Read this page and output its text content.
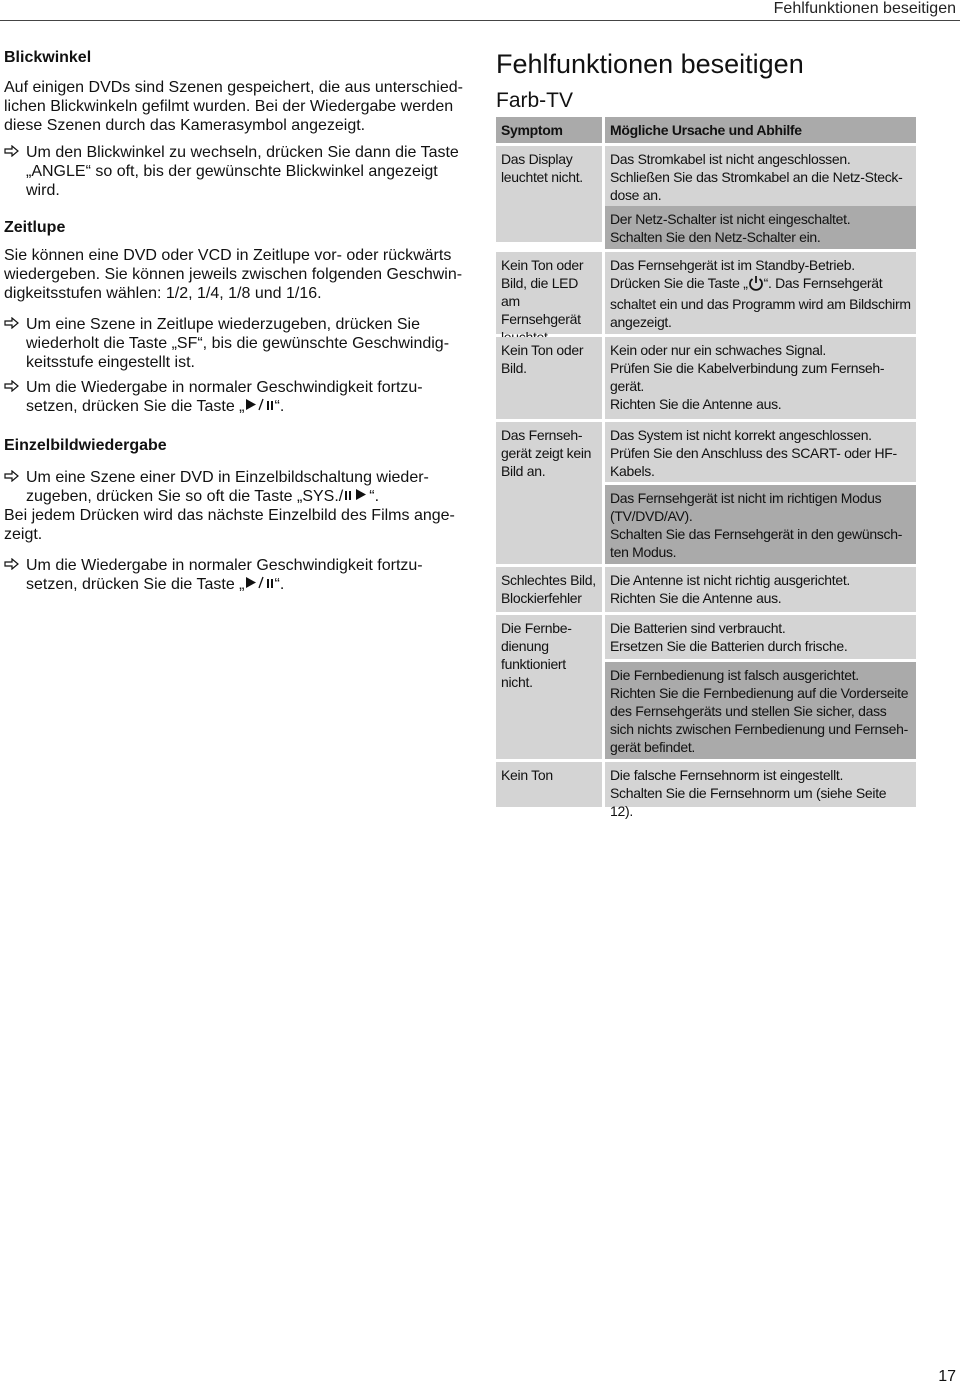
Fehlfunktionen beseitigen
Blickwinkel
Auf einigen DVDs sind Szenen gespeichert, die aus unterschied-
lichen Blickwinkeln gefilmt wurden. Bei der Wiedergabe werden
diese Szenen durch das Kamerasymbol angezeigt.
Um den Blickwinkel zu wechseln, drücken Sie dann die Taste
„ANGLE“ so oft, bis der gewünschte Blickwinkel angezeigt
wird.
Zeitlupe
Sie können eine DVD oder VCD in Zeitlupe vor- oder rückwärts
wiedergeben. Sie können jeweils zwischen folgenden Geschwin-
digkeitsstufen wählen: 1/2, 1/4, 1/8 und 1/16.
Um eine Szene in Zeitlupe wiederzugeben, drücken Sie
wiederholt die Taste „SF“, bis die gewünschte Geschwindig-
keitsstufe eingestellt ist.
Um die Wiedergabe in normaler Geschwindigkeit fortzu-
setzen, drücken Sie die Taste „ “.
Einzelbildwiedergabe
Um eine Szene einer DVD in Einzelbildschaltung wieder-
zugeben, drücken Sie so oft die Taste „SYS./ “.
Bei jedem Drücken wird das nächste Einzelbild des Films ange-
zeigt.
Um die Wiedergabe in normaler Geschwindigkeit fortzu-
setzen, drücken Sie die Taste „ “.
Fehlfunktionen beseitigen
Farb-TV
Symptom	Mögliche Ursache und Abhilfe
Das Display
leuchtet nicht.
Das Stromkabel ist nicht angeschlossen.
Schließen Sie das Stromkabel an die Netz-Steck-
dose an.
Der Netz-Schalter ist nicht eingeschaltet.
Schalten Sie den Netz-Schalter ein.
Kein Ton oder
Bild, die LED am
Fernsehgerät
Das Fernsehgerät ist im Standby-Betrieb.
Drücken Sie die Taste „ “. Das Fernsehgerät
schaltet ein und das Programm wird am Bildschirm
angezeigt.
Kein Ton oder
Bild.
Kein oder nur ein schwaches Signal.
Prüfen Sie die Kabelverbindung zum Fernseh-
gerät.
Richten Sie die Antenne aus.
Das Fernseh-
gerät zeigt kein
Bild an.
Das System ist nicht korrekt angeschlossen.
Prüfen Sie den Anschluss des SCART- oder HF-
Kabels.
Das Fernsehgerät ist nicht im richtigen Modus
(TV/DVD/AV).
Schalten Sie das Fernsehgerät in den gewünsch-
ten Modus.
Schlechtes Bild,
Blockierfehler
Die Antenne ist nicht richtig ausgerichtet.
Richten Sie die Antenne aus.
Die Fernbe-
dienung
funktioniert
nicht.
Die Batterien sind verbraucht.
Ersetzen Sie die Batterien durch frische.
Die Fernbedienung ist falsch ausgerichtet.
Richten Sie die Fernbedienung auf die Vorderseite
des Fernsehgeräts und stellen Sie sicher, dass
sich nichts zwischen Fernbedienung und Fernseh-
gerät befindet.
Kein Ton	Die falsche Fernsehnorm ist eingestellt.
Schalten Sie die Fernsehnorm um (siehe Seite 12).
17
